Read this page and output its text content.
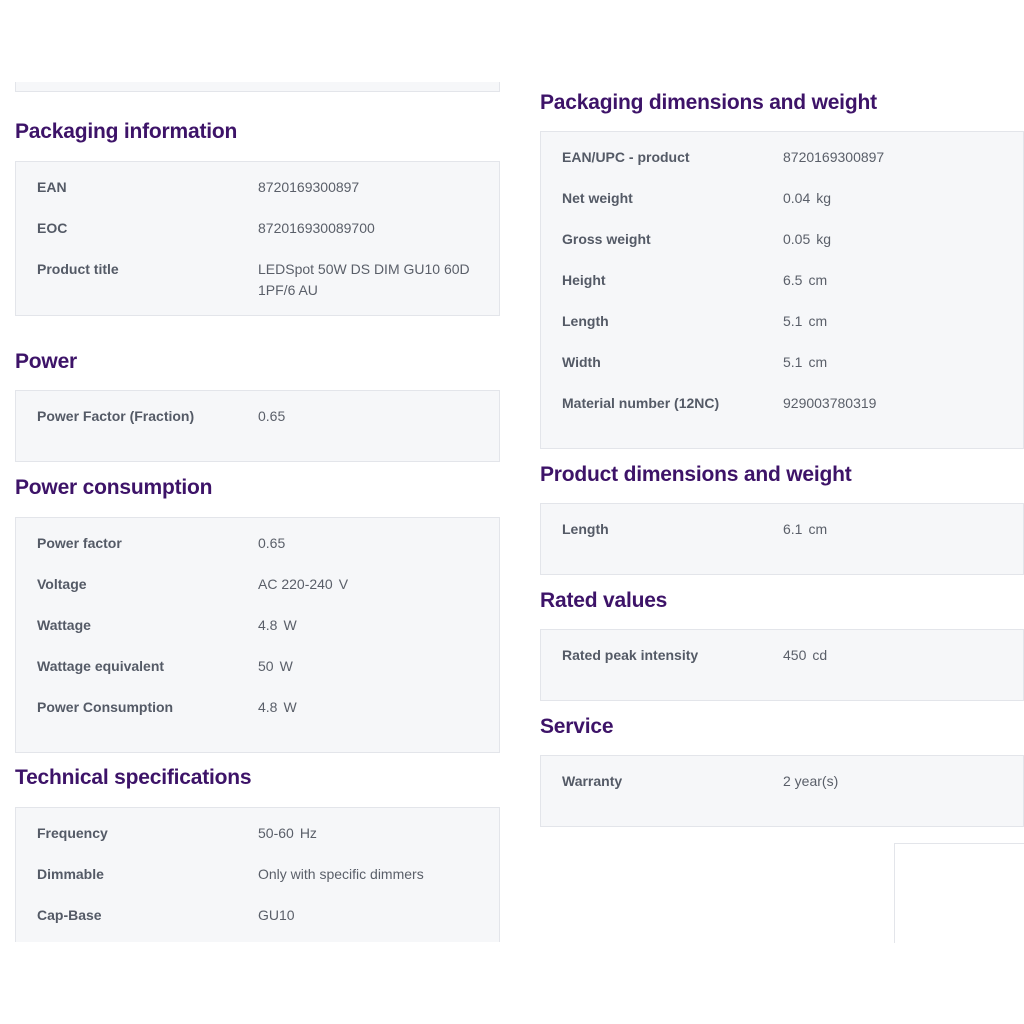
Packaging information
EAN	8720169300897
EOC	872016930089700
Product title	LEDSpot 50W DS DIM GU10 60D 1PF/6 AU
Power
Power Factor (Fraction)	0.65
Power consumption
Power factor	0.65
Voltage	AC 220-240 V
Wattage	4.8 W
Wattage equivalent	50 W
Power Consumption	4.8 W
Technical specifications
Frequency	50-60 Hz
Dimmable	Only with specific dimmers
Cap-Base	GU10
Packaging dimensions and weight
EAN/UPC - product	8720169300897
Net weight	0.04 kg
Gross weight	0.05 kg
Height	6.5 cm
Length	5.1 cm
Width	5.1 cm
Material number (12NC)	929003780319
Product dimensions and weight
Length	6.1 cm
Rated values
Rated peak intensity	450 cd
Service
Warranty	2 year(s)
